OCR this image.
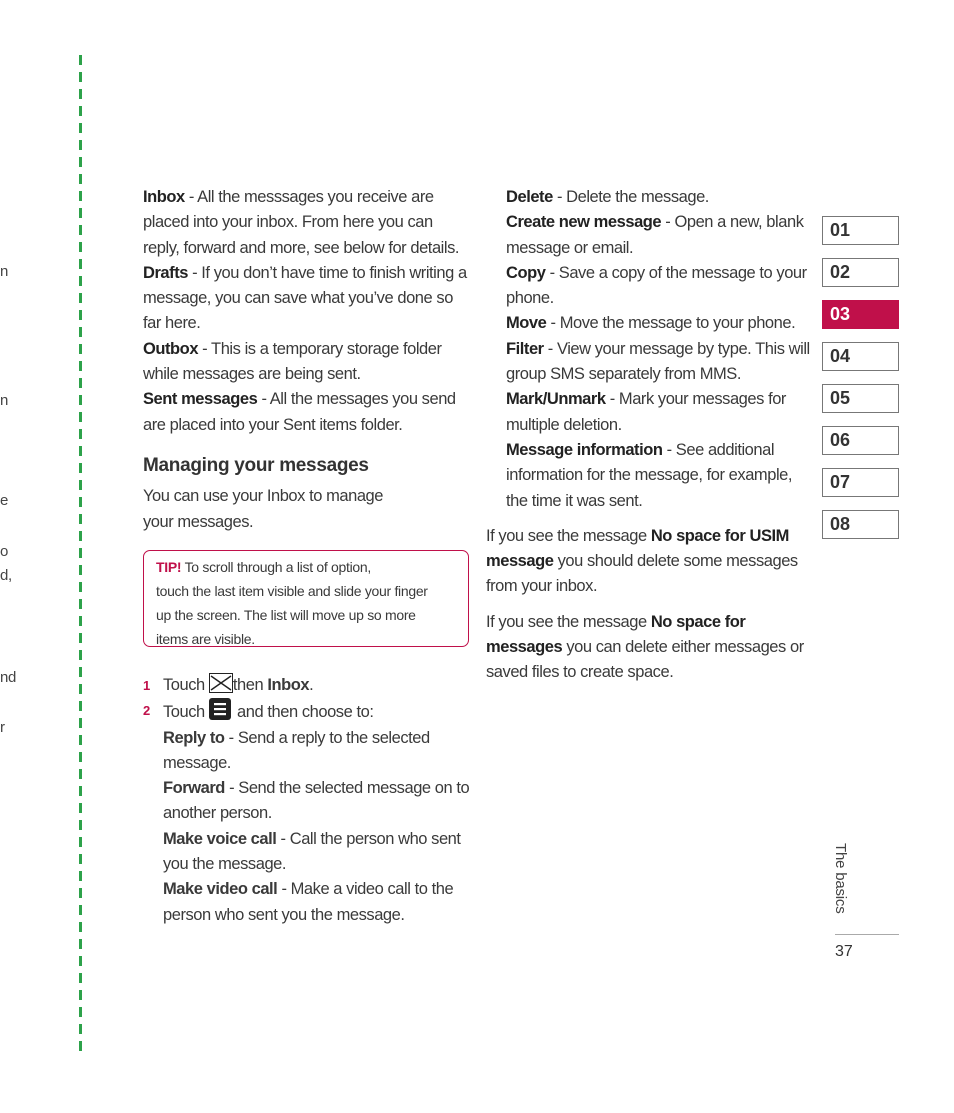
n
n
e
o
d,
nd
r

Inbox - All the messsages you receive are placed into your inbox. From here you can reply, forward and more, see below for details.

Drafts - If you don’t have time to finish writing a message, you can save what you’ve done so far here.

Outbox - This is a temporary storage folder while messages are being sent.

Sent messages - All the messages you send are placed into your Sent items folder.

Managing your messages

You can use your Inbox to manage
your messages.

TIP! To scroll through a list of option,
touch the last item visible and slide your finger
up the screen. The list will move up so more
items are visible.
1 Touch then Inbox.
2 Touch  and then choose to:
Reply to - Send a reply to the selected message.
Forward - Send the selected message on to another person.
Make voice call - Call the person who sent you the message.
Make video call - Make a video call to the person who sent you the message.

Delete - Delete the message.

Create new message - Open a new, blank message or email.

Copy - Save a copy of the message to your phone.

Move - Move the message to your phone.

Filter - View your message by type. This will group SMS separately from MMS.

Mark/Unmark - Mark your messages for multiple deletion.

Message information - See additional information for the message, for example, the time it was sent.

If you see the message No space for USIM message you should delete some messages from your inbox.

If you see the message No space for messages you can delete either messages or saved files to create space.

01
02
03
04
05
06
07
08
The basics
37
